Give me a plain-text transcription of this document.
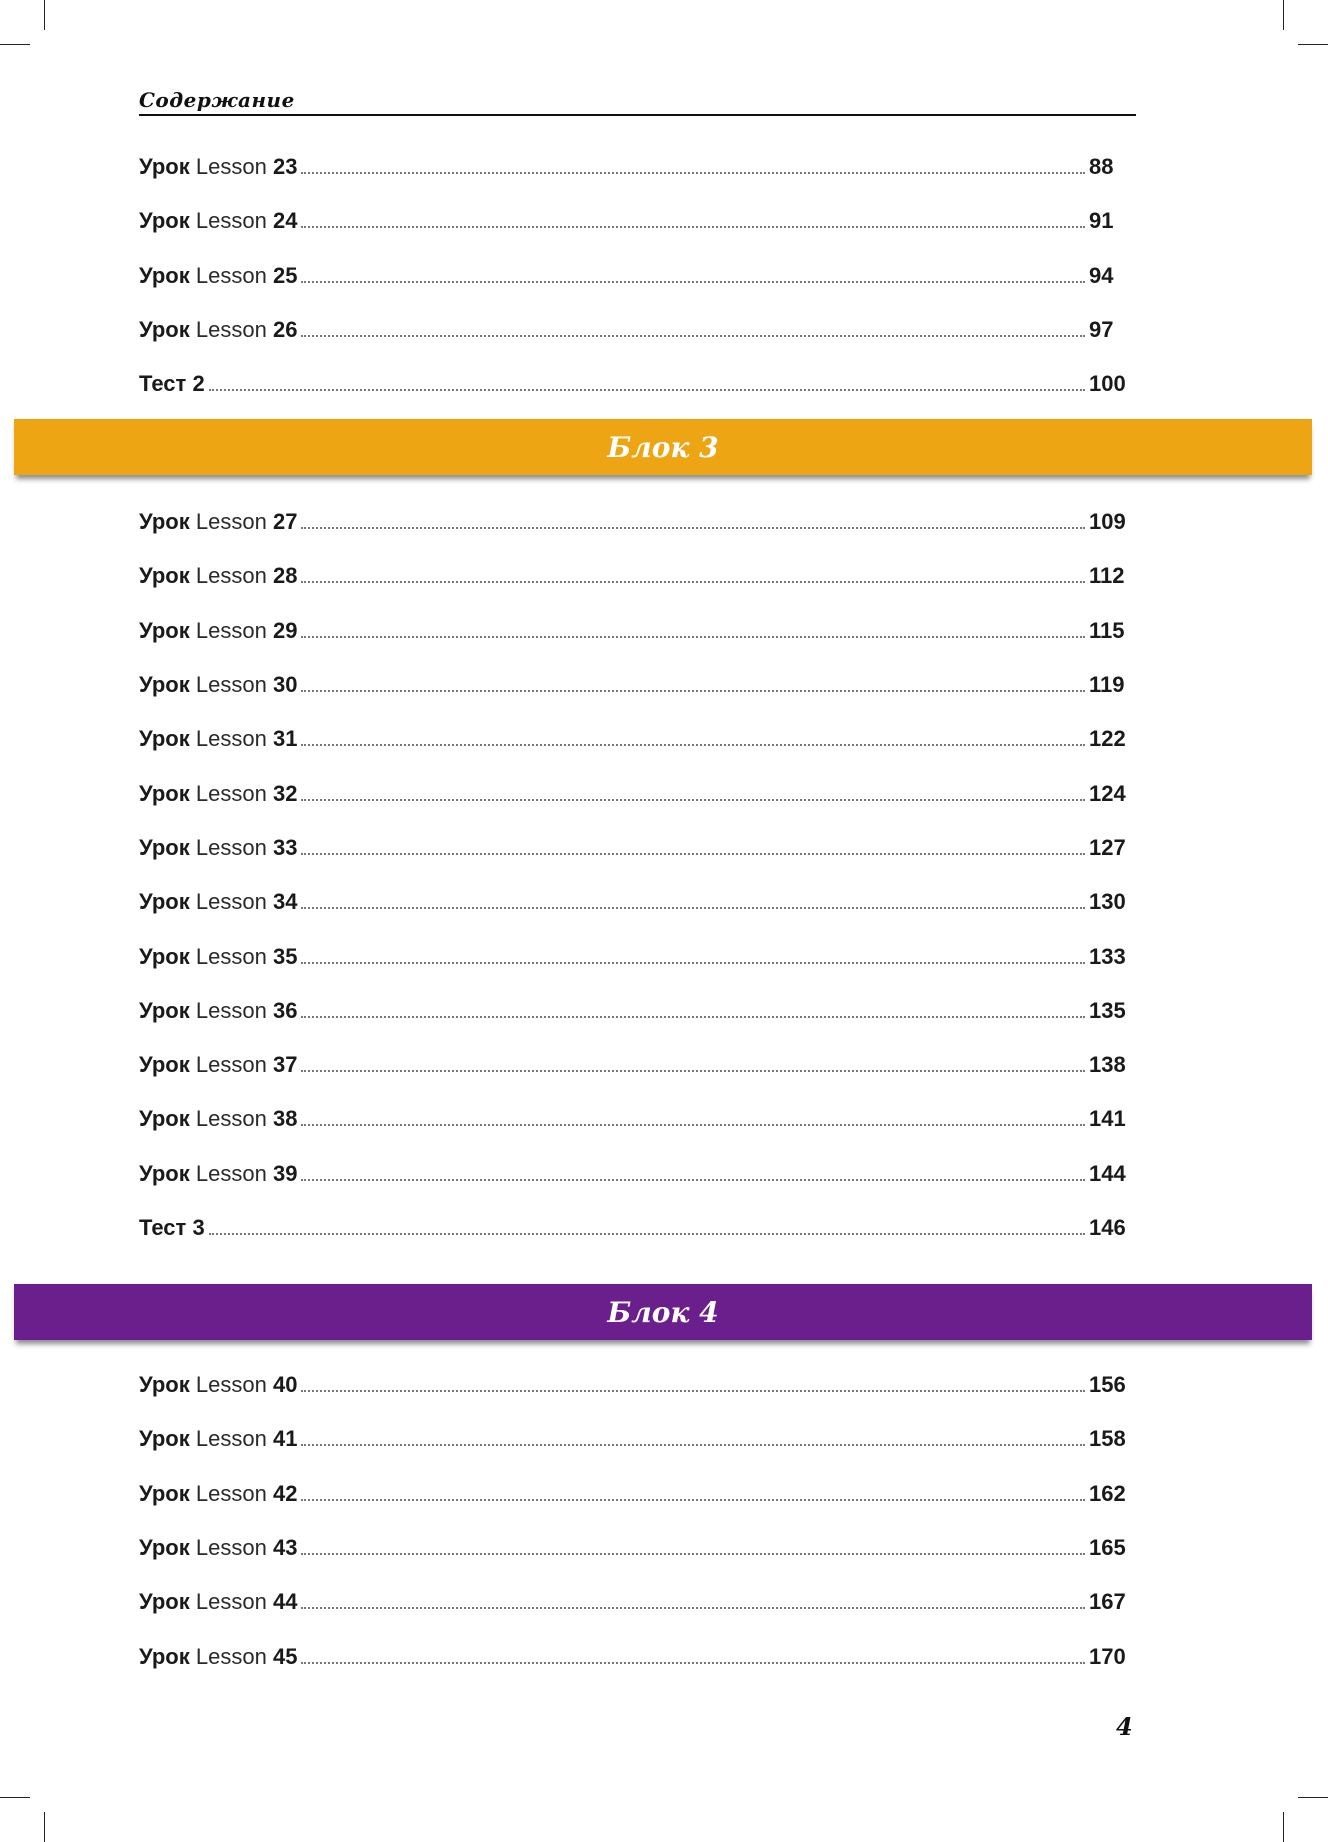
Содержание
Урок Lesson 23	88
Урок Lesson 24	91
Урок Lesson 25	94
Урок Lesson 26	97
Тест 2	100
Блок 3
Урок Lesson 27	109
Урок Lesson 28	112
Урок Lesson 29	115
Урок Lesson 30	119
Урок Lesson 31	122
Урок Lesson 32	124
Урок Lesson 33	127
Урок Lesson 34	130
Урок Lesson 35	133
Урок Lesson 36	135
Урок Lesson 37	138
Урок Lesson 38	141
Урок Lesson 39	144
Тест 3	146
Блок 4
Урок Lesson 40	156
Урок Lesson 41	158
Урок Lesson 42	162
Урок Lesson 43	165
Урок Lesson 44	167
Урок Lesson 45	170
4
